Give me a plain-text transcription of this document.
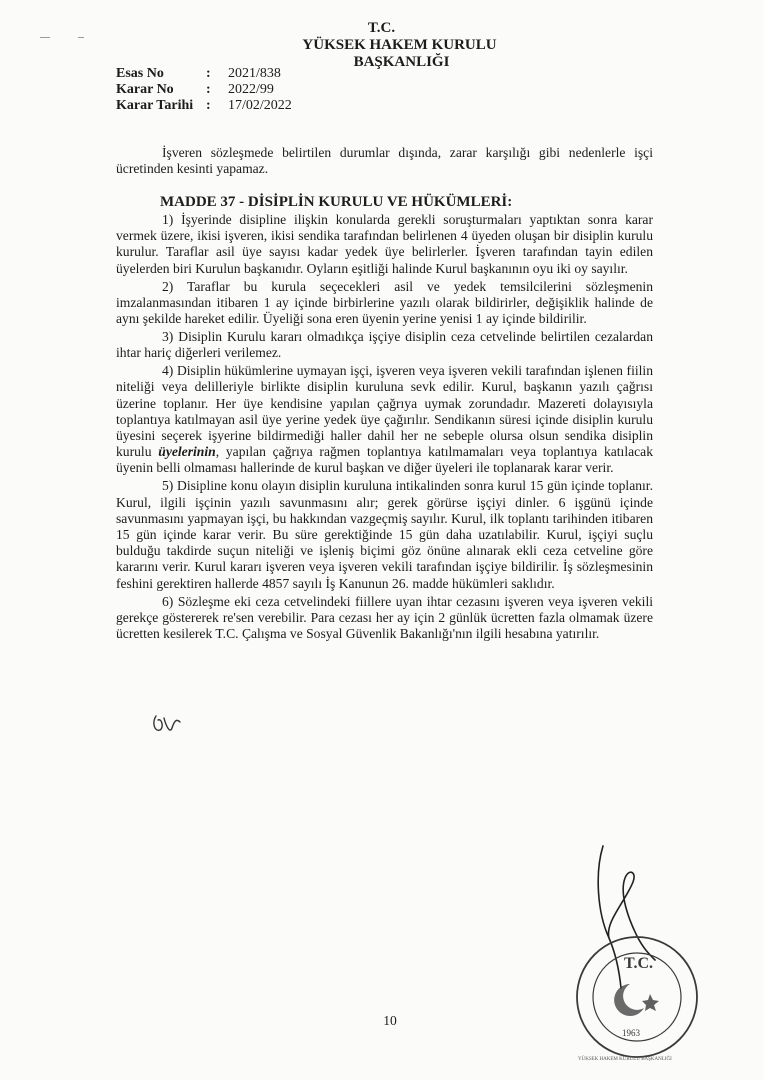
T.C.
YÜKSEK HAKEM KURULU
BAŞKANLIĞI
Esas No	:	2021/838
Karar No	:	2022/99
Karar Tarihi :	17/02/2022
İşveren sözleşmede belirtilen durumlar dışında, zarar karşılığı gibi nedenlerle işçi ücretinden kesinti yapamaz.
MADDE 37 - DİSİPLİN KURULU VE HÜKÜMLERİ:

1) İşyerinde disipline ilişkin konularda gerekli soruşturmaları yaptıktan sonra karar vermek üzere, ikisi işveren, ikisi sendika tarafından belirlenen 4 üyeden oluşan bir disiplin kurulu kurulur. Taraflar asil üye sayısı kadar yedek üye belirlerler. İşveren tarafından tayin edilen üyelerden biri Kurulun başkanıdır. Oyların eşitliği halinde Kurul başkanının oyu iki oy sayılır.

2) Taraflar bu kurula seçecekleri asil ve yedek temsilcilerini sözleşmenin imzalanmasından itibaren 1 ay içinde birbirlerine yazılı olarak bildirirler, değişiklik halinde de aynı şekilde hareket edilir. Üyeliği sona eren üyenin yerine yenisi 1 ay içinde bildirilir.

3) Disiplin Kurulu kararı olmadıkça işçiye disiplin ceza cetvelinde belirtilen cezalardan ihtar hariç diğerleri verilemez.

4) Disiplin hükümlerine uymayan işçi, işveren veya işveren vekili tarafından işlenen fiilin niteliği veya delilleriyle birlikte disiplin kuruluna sevk edilir. Kurul, başkanın yazılı çağrısı üzerine toplanır. Her üye kendisine yapılan çağrıya uymak zorundadır. Mazereti dolayısıyla toplantıya katılmayan asil üye yerine yedek üye çağırılır. Sendikanın süresi içinde disiplin kurulu üyesini seçerek işyerine bildirmediği haller dahil her ne sebeple olursa olsun sendika disiplin kurulu üyelerinin, yapılan çağrıya rağmen toplantıya katılmamaları veya toplantıya katılacak üyenin belli olmaması hallerinde de kurul başkan ve diğer üyeleri ile toplanarak karar verir.

5) Disipline konu olayın disiplin kuruluna intikalinden sonra kurul 15 gün içinde toplanır. Kurul, ilgili işçinin yazılı savunmasını alır; gerek görürse işçiyi dinler. 6 işgünü içinde savunmasını yapmayan işçi, bu hakkından vazgeçmiş sayılır. Kurul, ilk toplantı tarihinden itibaren 15 gün içinde karar verir. Bu süre gerektiğinde 15 gün daha uzatılabilir. Kurul, işçiyi suçlu bulduğu takdirde suçun niteliği ve işleniş biçimi göz önüne alınarak ekli ceza cetveline göre kararını verir. Kurul kararı işveren veya işveren vekili tarafından işçiye bildirilir. İş sözleşmesinin feshini gerektiren hallerde 4857 sayılı İş Kanunun 26. madde hükümleri saklıdır.

6) Sözleşme eki ceza cetvelindeki fiillere uyan ihtar cezasını işveren veya işveren vekili gerekçe göstererek re'sen verebilir. Para cezası her ay için 2 günlük ücretten fazla olmamak üzere ücretten kesilerek T.C. Çalışma ve Sosyal Güvenlik Bakanlığı'nın ilgili hesabına yatırılır.

T.C.
1963
YÜKSEK HAKEM KURULU BAŞKANLIĞI
10
